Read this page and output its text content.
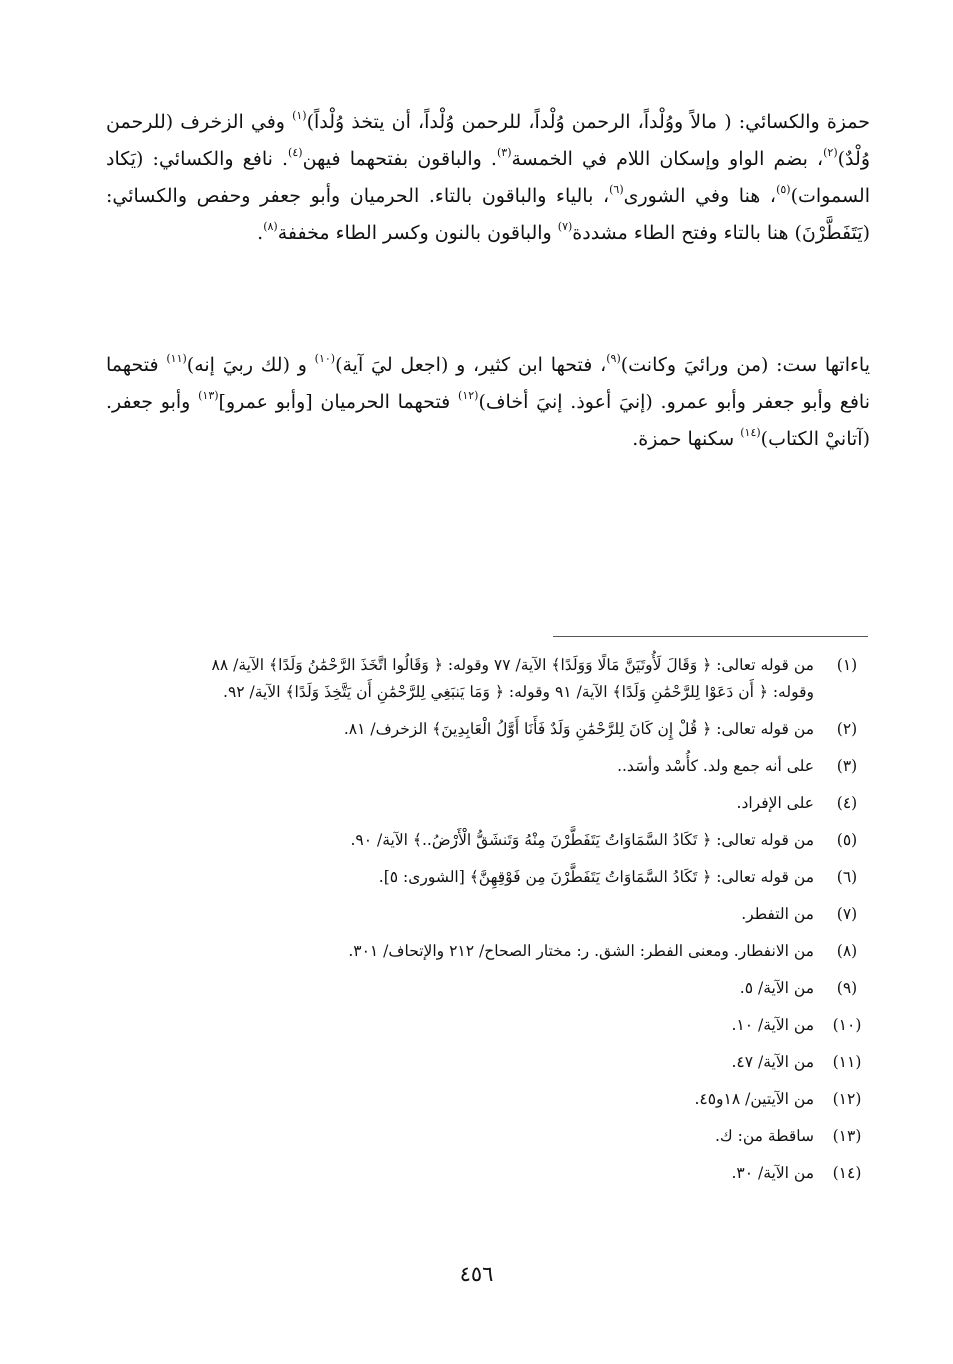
حمزة والكسائي: ( مالاً ووُلْداً، الرحمن وُلْداً، للرحمن وُلْداً، أن يتخذ وُلْداً)$^{(١)}$ وفي الزخرف (للرحمن وُلْدٌ)$^{(٢)}$، بضم الواو وإسكان اللام في الخمسة$^{(٣)}$. والباقون بفتحهما فيهن$^{(٤)}$. نافع والكسائي: (يَكاد السموات)$^{(٥)}$، هنا وفي الشورى$^{(٦)}$، بالياء والباقون بالتاء. الحرميان وأبو جعفر وحفص والكسائي: (يَتَفَطَّرْنَ) هنا بالتاء وفتح الطاء مشددة$^{(٧)}$ والباقون بالنون وكسر الطاء مخففة$^{(٨)}$.

ياءاتها ست: (من ورائيَ وكانت)$^{(٩)}$، فتحها ابن كثير، و (اجعل ليَ آية)$^{(١٠)}$ و (لك ربيَ إنه)$^{(١١)}$ فتحهما نافع وأبو جعفر وأبو عمرو. (إنيَ أعوذ. إنيَ أخاف)$^{(١٢)}$ فتحهما الحرميان [وأبو عمرو]$^{(١٣)}$ وأبو جعفر. (آتانيْ الكتاب)$^{(١٤)}$ سكنها حمزة.

(١)
من قوله تعالى: ﴿ وَقَالَ لَأُوتَيَنَّ مَالًا وَوَلَدًا﴾ الآية/ ٧٧ وقوله: ﴿ وَقَالُوا اتَّخَذَ الرَّحْمَٰنُ وَلَدًا﴾ الآية/ ٨٨
وقوله: ﴿ أَن دَعَوْا لِلرَّحْمَٰنِ وَلَدًا﴾ الآية/ ٩١ وقوله: ﴿ وَمَا يَنبَغِي لِلرَّحْمَٰنِ أَن يَتَّخِذَ وَلَدًا﴾ الآية/ ٩٢.
(٢)
من قوله تعالى: ﴿ قُلْ إِن كَانَ لِلرَّحْمَٰنِ وَلَدٌ فَأَنَا أَوَّلُ الْعَابِدِينَ﴾ الزخرف/ ٨١.
(٣)
على أنه جمع ولد. كأُسْد وأسَد..
(٤)
على الإفراد.
(٥)
من قوله تعالى: ﴿ تَكَادُ السَّمَاوَاتُ يَتَفَطَّرْنَ مِنْهُ وَتَنشَقُّ الْأَرْضُ..﴾ الآية/ ٩٠.
(٦)
من قوله تعالى: ﴿ تَكَادُ السَّمَاوَاتُ يَتَفَطَّرْنَ مِن فَوْقِهِنَّ﴾ [الشورى: ٥].
(٧)
من التفطر.
(٨)
من الانفطار. ومعنى الفطر: الشق. ر: مختار الصحاح/ ٢١٢ والإتحاف/ ٣٠١.
(٩)
من الآية/ ٥.
(١٠)
من الآية/ ١٠.
(١١)
من الآية/ ٤٧.
(١٢)
من الآيتين/ ١٨و٤٥.
(١٣)
ساقطة من: ك.
(١٤)
من الآية/ ٣٠.
٤٥٦
